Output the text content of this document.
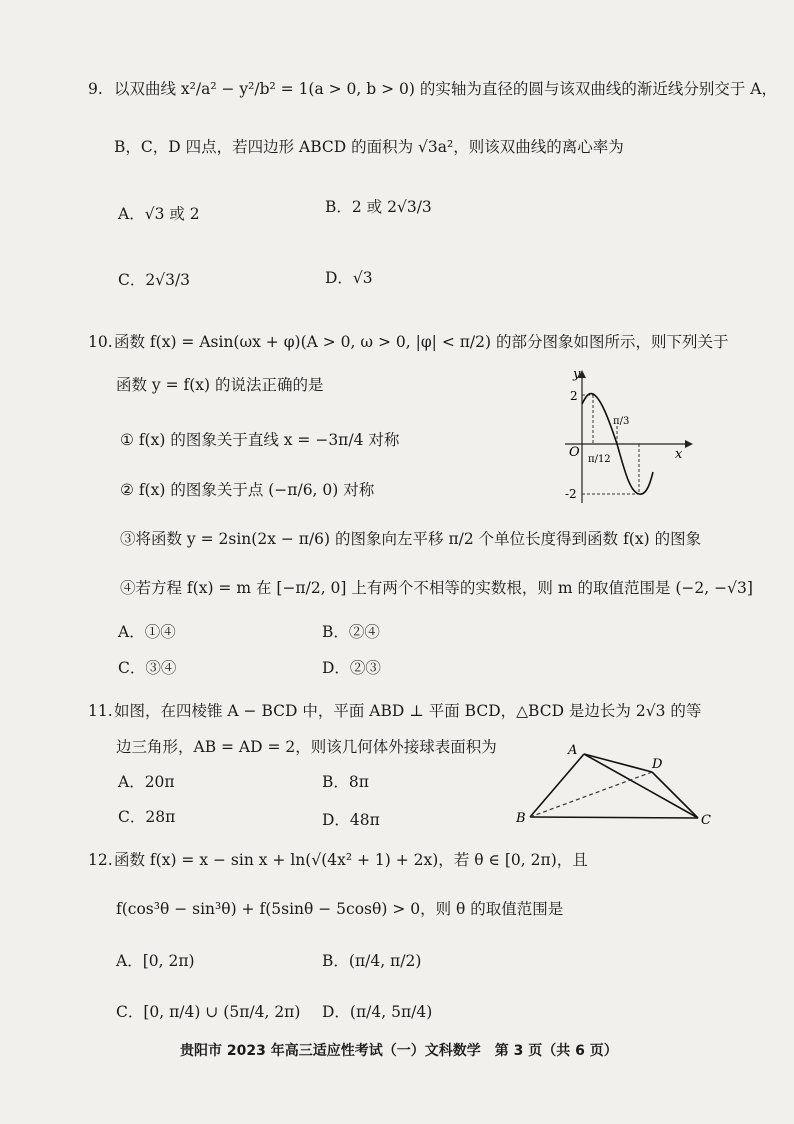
9. 以双曲线 x²/a² − y²/b² = 1(a > 0, b > 0) 的实轴为直径的圆与该双曲线的渐近线分别交于 A，
B，C，D 四点，若四边形 ABCD 的面积为 √3a²，则该双曲线的离心率为
A．√3 或 2	B．2 或 2√3/3
C．2√3/3	D．√3
10.函数 f(x) = Asin(ωx + φ)(A > 0, ω > 0, |φ| < π/2) 的部分图象如图所示，则下列关于
函数 y = f(x) 的说法正确的是
① f(x) 的图象关于直线 x = −3π/4 对称
② f(x) 的图象关于点 (−π/6, 0) 对称
③将函数 y = 2sin(2x − π/6) 的图象向左平移 π/2 个单位长度得到函数 f(x) 的图象
④若方程 f(x) = m 在 [−π/2, 0] 上有两个不相等的实数根，则 m 的取值范围是 (−2, −√3]
A．①④	B．②④
C．③④	D．②③
y
x
O
2
-2
π/12
π/3
11.如图，在四棱锥 A − BCD 中，平面 ABD ⊥ 平面 BCD，△BCD 是边长为 2√3 的等
边三角形，AB = AD = 2，则该几何体外接球表面积为
A．20π	B．8π
C．28π	D．48π
A
B	C
D
12.函数 f(x) = x − sin x + ln(√(4x² + 1) + 2x)，若 θ ∈ [0, 2π)，且
f(cos³θ − sin³θ) + f(5sinθ − 5cosθ) > 0，则 θ 的取值范围是
A．[0, 2π)	B．(π/4, π/2)
C．[0, π/4) ∪ (5π/4, 2π) D．(π/4, 5π/4)
贵阳市 2023 年高三适应性考试（一）文科数学　第 3 页（共 6 页）
